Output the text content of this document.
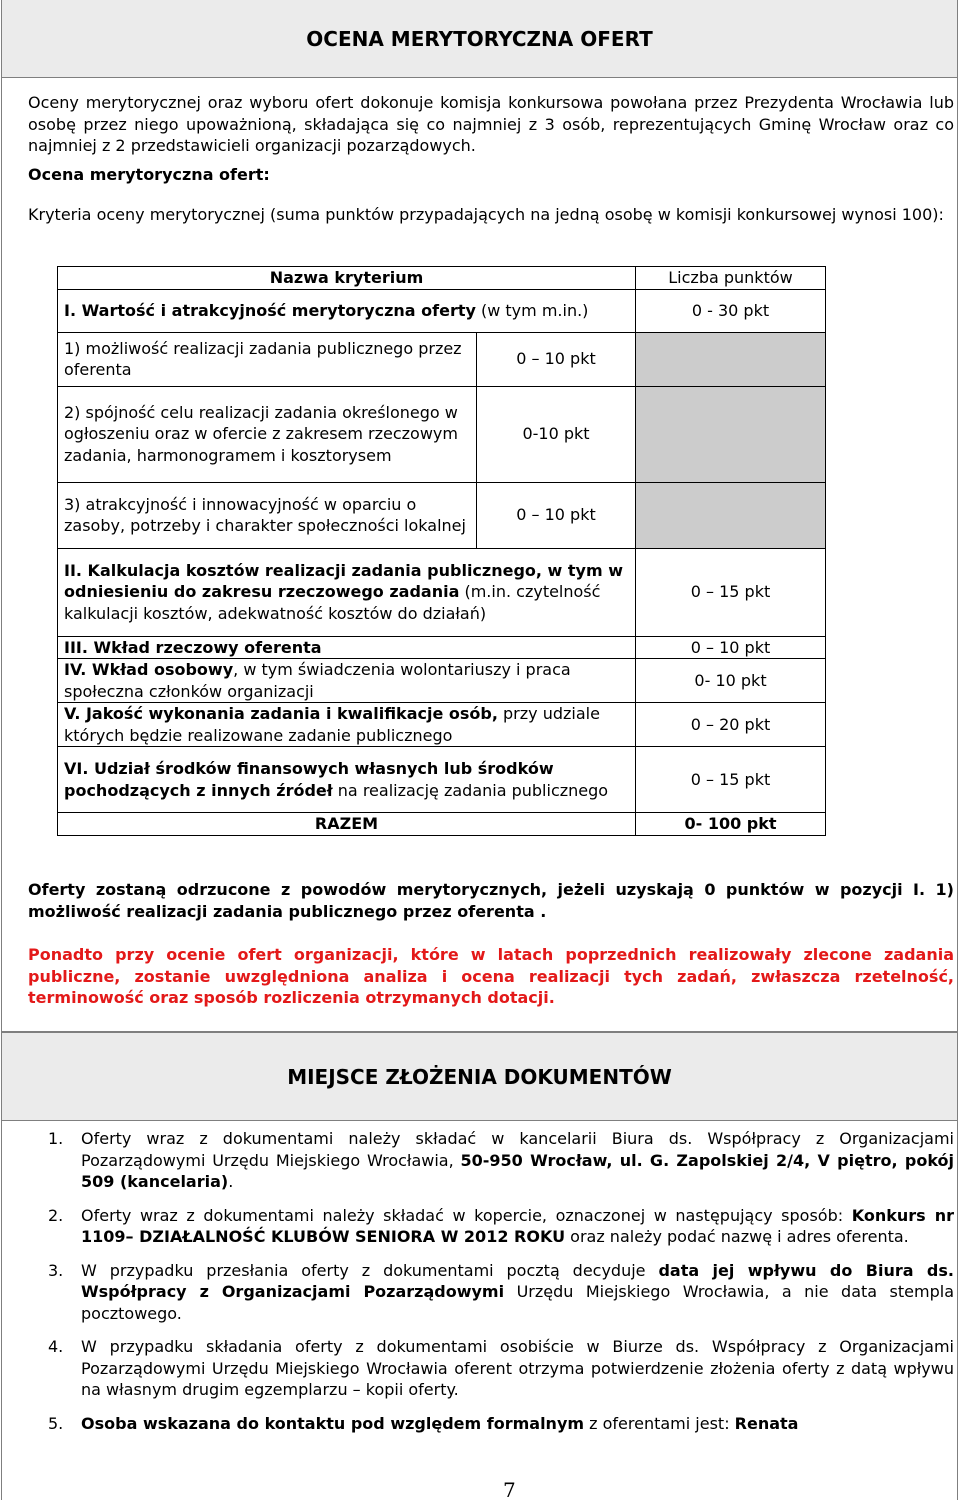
OCENA MERYTORYCZNA OFERT
Oceny merytorycznej oraz wyboru ofert dokonuje komisja konkursowa powołana przez Prezydenta Wrocławia lub osobę przez niego upoważnioną, składająca się co najmniej z 3 osób, reprezentujących Gminę Wrocław oraz co najmniej z 2 przedstawicieli organizacji pozarządowych.
Ocena merytoryczna ofert:
Kryteria oceny merytorycznej (suma punktów przypadających na jedną osobę w komisji konkursowej wynosi 100):
Nazwa kryterium		Liczba punktów
I. Wartość i atrakcyjność merytoryczna oferty (w tym m.in.)		0 - 30 pkt
1) możliwość realizacji zadania publicznego przez oferenta	0 – 10 pkt	
2) spójność celu realizacji zadania określonego w ogłoszeniu oraz w ofercie z zakresem rzeczowym zadania, harmonogramem i kosztorysem	0-10 pkt	
3) atrakcyjność i innowacyjność w oparciu o zasoby, potrzeby i charakter społeczności lokalnej	0 – 10 pkt	
II. Kalkulacja kosztów realizacji zadania publicznego, w tym w odniesieniu do zakresu rzeczowego zadania (m.in. czytelność kalkulacji kosztów, adekwatność kosztów do działań)		0 – 15 pkt
III. Wkład rzeczowy oferenta		0 – 10 pkt
IV. Wkład osobowy, w tym świadczenia wolontariuszy i praca społeczna członków organizacji		0- 10 pkt
V. Jakość wykonania zadania i kwalifikacje osób, przy udziale których będzie realizowane zadanie publicznego		0 – 20 pkt
VI. Udział środków finansowych własnych lub środków pochodzących z innych źródeł na realizację zadania publicznego		0 – 15 pkt
RAZEM		0- 100 pkt
Oferty zostaną odrzucone z powodów merytorycznych, jeżeli uzyskają 0 punktów w pozycji I. 1) możliwość realizacji zadania publicznego przez oferenta .
Ponadto przy ocenie ofert organizacji, które w latach poprzednich realizowały zlecone zadania publiczne, zostanie uwzględniona analiza i ocena realizacji tych zadań, zwłaszcza rzetelność, terminowość oraz sposób rozliczenia otrzymanych dotacji.
MIEJSCE ZŁOŻENIA DOKUMENTÓW
1. Oferty wraz z dokumentami należy składać w kancelarii Biura ds. Współpracy z Organizacjami Pozarządowymi Urzędu Miejskiego Wrocławia, 50-950 Wrocław, ul. G. Zapolskiej 2/4, V piętro, pokój 509 (kancelaria).
2. Oferty wraz z dokumentami należy składać w kopercie, oznaczonej w następujący sposób: Konkurs nr 1109– DZIAŁALNOŚĆ KLUBÓW SENIORA W 2012 ROKU oraz należy podać nazwę i adres oferenta.
3. W przypadku przesłania oferty z dokumentami pocztą decyduje data jej wpływu do Biura ds. Współpracy z Organizacjami Pozarządowymi Urzędu Miejskiego Wrocławia, a nie data stempla pocztowego.
4. W przypadku składania oferty z dokumentami osobiście w Biurze ds. Współpracy z Organizacjami Pozarządowymi Urzędu Miejskiego Wrocławia oferent otrzyma potwierdzenie złożenia oferty z datą wpływu na własnym drugim egzemplarzu – kopii oferty.
5. Osoba wskazana do kontaktu pod względem formalnym z oferentami jest: Renata
7
